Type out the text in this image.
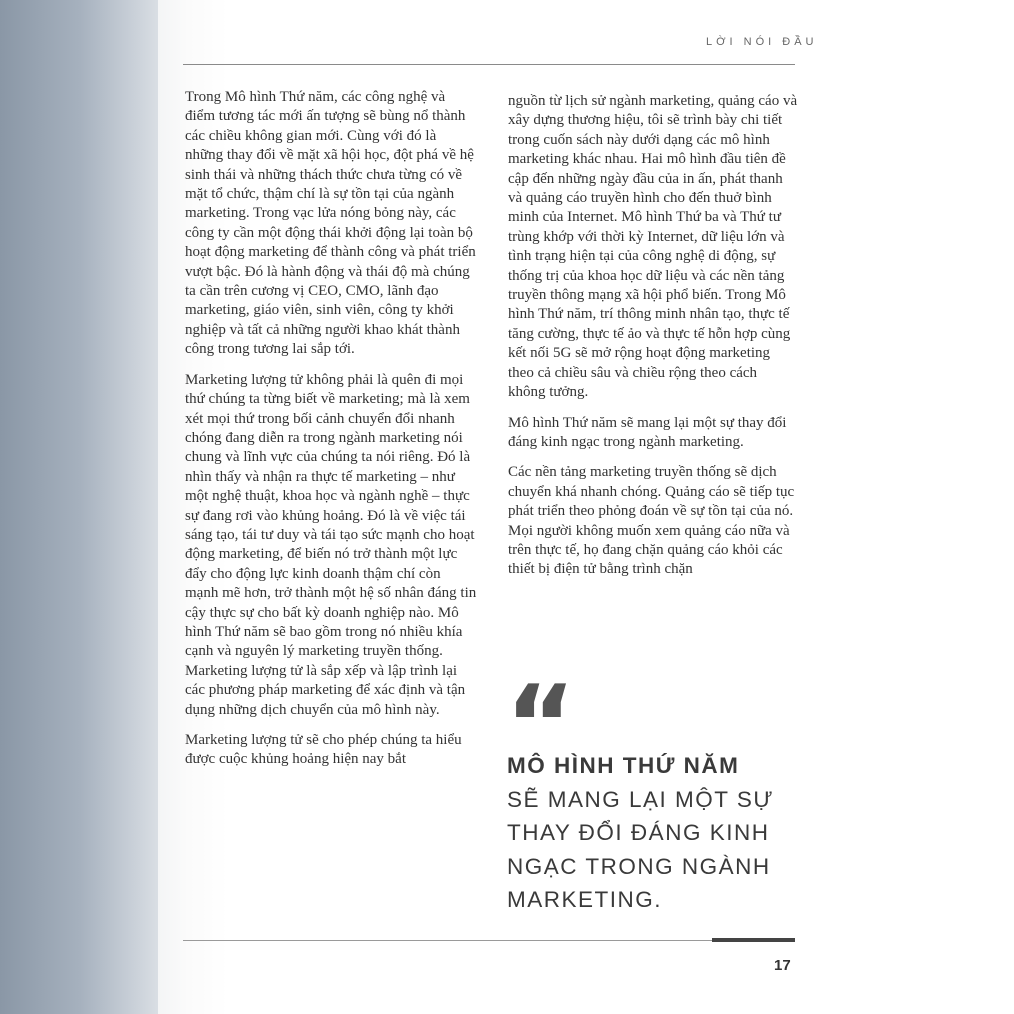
LỜI NÓI ĐẦU

Trong Mô hình Thứ năm, các công nghệ và điểm tương tác mới ấn tượng sẽ bùng nổ thành các chiều không gian mới. Cùng với đó là những thay đổi về mặt xã hội học, đột phá về hệ sinh thái và những thách thức chưa từng có về mặt tổ chức, thậm chí là sự tồn tại của ngành marketing. Trong vạc lửa nóng bỏng này, các công ty cần một động thái khởi động lại toàn bộ hoạt động marketing để thành công và phát triển vượt bậc. Đó là hành động và thái độ mà chúng ta cần trên cương vị CEO, CMO, lãnh đạo marketing, giáo viên, sinh viên, công ty khởi nghiệp và tất cả những người khao khát thành công trong tương lai sắp tới.

Marketing lượng tử không phải là quên đi mọi thứ chúng ta từng biết về marketing; mà là xem xét mọi thứ trong bối cảnh chuyển đổi nhanh chóng đang diễn ra trong ngành marketing nói chung và lĩnh vực của chúng ta nói riêng. Đó là nhìn thấy và nhận ra thực tế marketing – như một nghệ thuật, khoa học và ngành nghề – thực sự đang rơi vào khủng hoảng. Đó là về việc tái sáng tạo, tái tư duy và tái tạo sức mạnh cho hoạt động marketing, để biến nó trở thành một lực đẩy cho động lực kinh doanh thậm chí còn mạnh mẽ hơn, trở thành một hệ số nhân đáng tin cậy thực sự cho bất kỳ doanh nghiệp nào. Mô hình Thứ năm sẽ bao gồm trong nó nhiều khía cạnh và nguyên lý marketing truyền thống. Marketing lượng tử là sắp xếp và lập trình lại các phương pháp marketing để xác định và tận dụng những dịch chuyển của mô hình này.

Marketing lượng tử sẽ cho phép chúng ta hiểu được cuộc khủng hoảng hiện nay bắt

nguồn từ lịch sử ngành marketing, quảng cáo và xây dựng thương hiệu, tôi sẽ trình bày chi tiết trong cuốn sách này dưới dạng các mô hình marketing khác nhau. Hai mô hình đầu tiên đề cập đến những ngày đầu của in ấn, phát thanh và quảng cáo truyền hình cho đến thuở bình minh của Internet. Mô hình Thứ ba và Thứ tư trùng khớp với thời kỳ Internet, dữ liệu lớn và tình trạng hiện tại của công nghệ di động, sự thống trị của khoa học dữ liệu và các nền tảng truyền thông mạng xã hội phổ biến. Trong Mô hình Thứ năm, trí thông minh nhân tạo, thực tế tăng cường, thực tế ảo và thực tế hỗn hợp cùng kết nối 5G sẽ mở rộng hoạt động marketing theo cả chiều sâu và chiều rộng theo cách không tưởng.

Mô hình Thứ năm sẽ mang lại một sự thay đổi đáng kinh ngạc trong ngành marketing.

Các nền tảng marketing truyền thống sẽ dịch chuyển khá nhanh chóng. Quảng cáo sẽ tiếp tục phát triển theo phỏng đoán về sự tồn tại của nó. Mọi người không muốn xem quảng cáo nữa và trên thực tế, họ đang chặn quảng cáo khỏi các thiết bị điện tử bằng trình chặn

“
MÔ HÌNH THỨ NĂM
SẼ MANG LẠI MỘT SỰ THAY ĐỔI ĐÁNG KINH NGẠC TRONG NGÀNH MARKETING.
17
